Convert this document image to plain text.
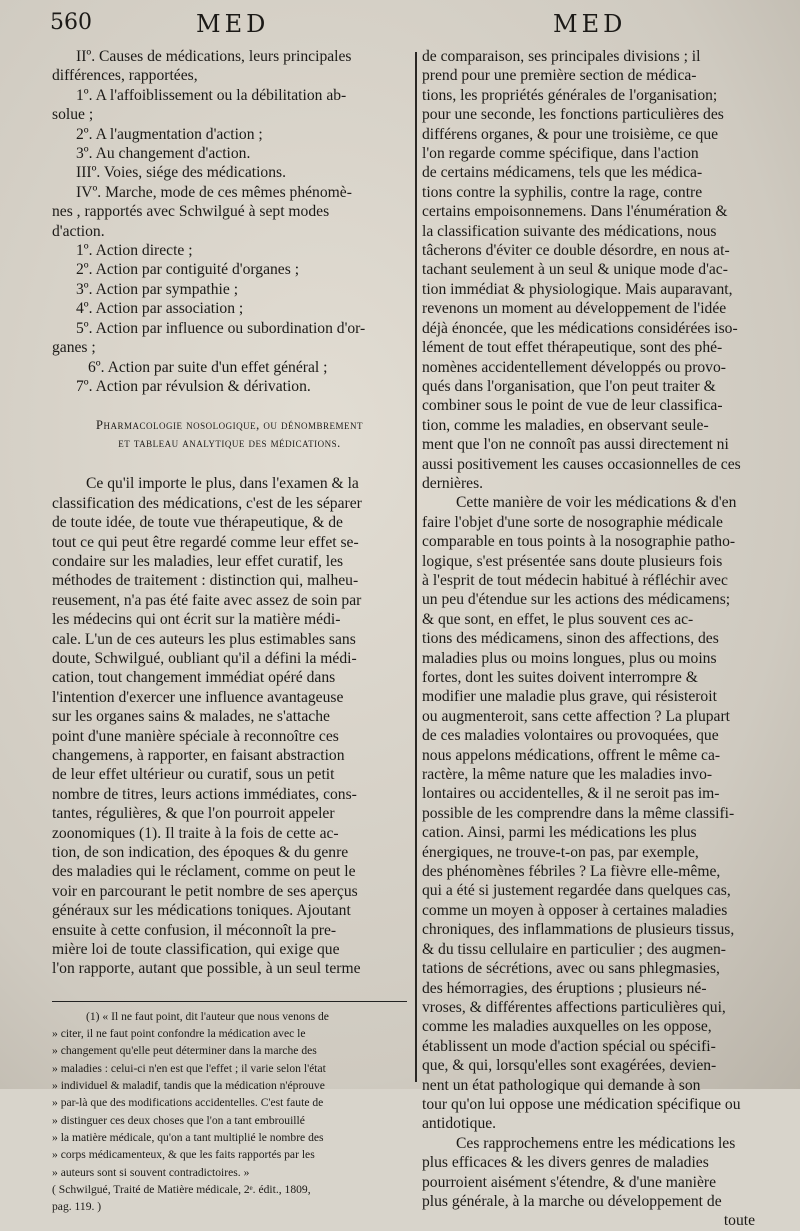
560	MED	MED
IIº. Causes de médications, leurs principales
différences, rapportées,
1º. A l'affoiblissement ou la débilitation ab-
solue ;
2º. A l'augmentation d'action ;
3º. Au changement d'action.
IIIº. Voies, siége des médications.
IVº. Marche, mode de ces mêmes phénomè-
nes , rapportés avec Schwilgué à sept modes
d'action.
1º. Action directe ;
2º. Action par contiguité d'organes ;
3º. Action par sympathie ;
4º. Action par association ;
5º. Action par influence ou subordination d'or-
ganes ;
6º. Action par suite d'un effet général ;
7º. Action par révulsion & dérivation.
Pharmacologie nosologique, ou dénombrement
et tableau analytique des médications.
Ce qu'il importe le plus, dans l'examen & la
classification des médications, c'est de les séparer
de toute idée, de toute vue thérapeutique, & de
tout ce qui peut être regardé comme leur effet se-
condaire sur les maladies, leur effet curatif, les
méthodes de traitement : distinction qui, malheu-
reusement, n'a pas été faite avec assez de soin par
les médecins qui ont écrit sur la matière médi-
cale. L'un de ces auteurs les plus estimables sans
doute, Schwilgué, oubliant qu'il a défini la médi-
cation, tout changement immédiat opéré dans
l'intention d'exercer une influence avantageuse
sur les organes sains & malades, ne s'attache
point d'une manière spéciale à reconnoître ces
changemens, à rapporter, en faisant abstraction
de leur effet ultérieur ou curatif, sous un petit
nombre de titres, leurs actions immédiates, cons-
tantes, régulières, & que l'on pourroit appeler
zoonomiques (1). Il traite à la fois de cette ac-
tion, de son indication, des époques & du genre
des maladies qui le réclament, comme on peut le
voir en parcourant le petit nombre de ses aperçus
généraux sur les médications toniques. Ajoutant
ensuite à cette confusion, il méconnoît la pre-
mière loi de toute classification, qui exige que
l'on rapporte, autant que possible, à un seul terme
(1) « Il ne faut point, dit l'auteur que nous venons de
» citer, il ne faut point confondre la médication avec le
» changement qu'elle peut déterminer dans la marche des
» maladies : celui-ci n'en est que l'effet ; il varie selon l'état
» individuel & maladif, tandis que la médication n'éprouve
» par-là que des modifications accidentelles. C'est faute de
» distinguer ces deux choses que l'on a tant embrouillé
» la matière médicale, qu'on a tant multiplié le nombre des
» corps médicamenteux, & que les faits rapportés par les
» auteurs sont si souvent contradictoires. »
( Schwilgué, Traité de Matière médicale, 2ᵉ. édit., 1809,
pag. 119. )
de comparaison, ses principales divisions ; il
prend pour une première section de médica-
tions, les propriétés générales de l'organisation;
pour une seconde, les fonctions particulières des
différens organes, & pour une troisième, ce que
l'on regarde comme spécifique, dans l'action
de certains médicamens, tels que les médica-
tions contre la syphilis, contre la rage, contre
certains empoisonnemens. Dans l'énumération &
la classification suivante des médications, nous
tâcherons d'éviter ce double désordre, en nous at-
tachant seulement à un seul & unique mode d'ac-
tion immédiat & physiologique. Mais auparavant,
revenons un moment au développement de l'idée
déjà énoncée, que les médications considérées iso-
lément de tout effet thérapeutique, sont des phé-
nomènes accidentellement développés ou provo-
qués dans l'organisation, que l'on peut traiter &
combiner sous le point de vue de leur classifica-
tion, comme les maladies, en observant seule-
ment que l'on ne connoît pas aussi directement ni
aussi positivement les causes occasionnelles de ces
dernières.
Cette manière de voir les médications & d'en
faire l'objet d'une sorte de nosographie médicale
comparable en tous points à la nosographie patho-
logique, s'est présentée sans doute plusieurs fois
à l'esprit de tout médecin habitué à réfléchir avec
un peu d'étendue sur les actions des médicamens;
& que sont, en effet, le plus souvent ces ac-
tions des médicamens, sinon des affections, des
maladies plus ou moins longues, plus ou moins
fortes, dont les suites doivent interrompre &
modifier une maladie plus grave, qui résisteroit
ou augmenteroit, sans cette affection ? La plupart
de ces maladies volontaires ou provoquées, que
nous appelons médications, offrent le même ca-
ractère, la même nature que les maladies invo-
lontaires ou accidentelles, & il ne seroit pas im-
possible de les comprendre dans la même classifi-
cation. Ainsi, parmi les médications les plus
énergiques, ne trouve-t-on pas, par exemple,
des phénomènes fébriles ? La fièvre elle-même,
qui a été si justement regardée dans quelques cas,
comme un moyen à opposer à certaines maladies
chroniques, des inflammations de plusieurs tissus,
& du tissu cellulaire en particulier ; des augmen-
tations de sécrétions, avec ou sans phlegmasies,
des hémorragies, des éruptions ; plusieurs né-
vroses, & différentes affections particulières qui,
comme les maladies auxquelles on les oppose,
établissent un mode d'action spécial ou spécifi-
que, & qui, lorsqu'elles sont exagérées, devien-
nent un état pathologique qui demande à son
tour qu'on lui oppose une médication spécifique ou
antidotique.
Ces rapprochemens entre les médications les
plus efficaces & les divers genres de maladies
pourroient aisément s'étendre, & d'une manière
plus générale, à la marche ou développement de
toute
